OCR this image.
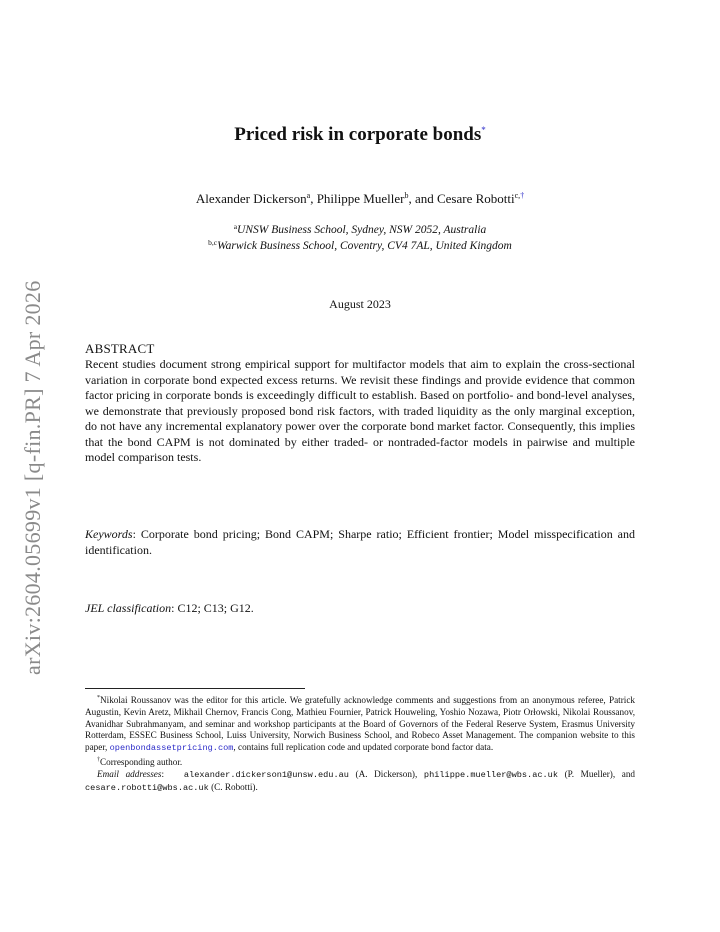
arXiv:2604.05699v1 [q-fin.PR] 7 Apr 2026
Priced risk in corporate bonds*
Alexander Dickerson$^a$, Philippe Mueller$^b$, and Cesare Robotti$^{c,\dagger}$
$^a$UNSW Business School, Sydney, NSW 2052, Australia
$^{b,c}$Warwick Business School, Coventry, CV4 7AL, United Kingdom
August 2023
ABSTRACT
Recent studies document strong empirical support for multifactor models that aim to explain the cross-sectional variation in corporate bond expected excess returns. We revisit these findings and provide evidence that common factor pricing in corporate bonds is exceedingly difficult to establish. Based on portfolio- and bond-level analyses, we demonstrate that previously proposed bond risk factors, with traded liquidity as the only marginal exception, do not have any incremental explanatory power over the corporate bond market factor. Consequently, this implies that the bond CAPM is not dominated by either traded- or nontraded-factor models in pairwise and multiple model comparison tests.
Keywords: Corporate bond pricing; Bond CAPM; Sharpe ratio; Efficient frontier; Model misspecification and identification.
JEL classification: C12; C13; G12.

*Nikolai Roussanov was the editor for this article. We gratefully acknowledge comments and suggestions from an anonymous referee, Patrick Augustin, Kevin Aretz, Mikhail Chernov, Francis Cong, Mathieu Fournier, Patrick Houweling, Yoshio Nozawa, Piotr Orłowski, Nikolai Roussanov, Avanidhar Subrahmanyam, and seminar and workshop participants at the Board of Governors of the Federal Reserve System, Erasmus University Rotterdam, ESSEC Business School, Luiss University, Norwich Business School, and Robeco Asset Management. The companion website to this paper, openbondassetpricing.com, contains full replication code and updated corporate bond factor data.

†Corresponding author.

Email addresses: alexander.dickerson1@unsw.edu.au (A. Dickerson), philippe.mueller@wbs.ac.uk (P. Mueller), and cesare.robotti@wbs.ac.uk (C. Robotti).
